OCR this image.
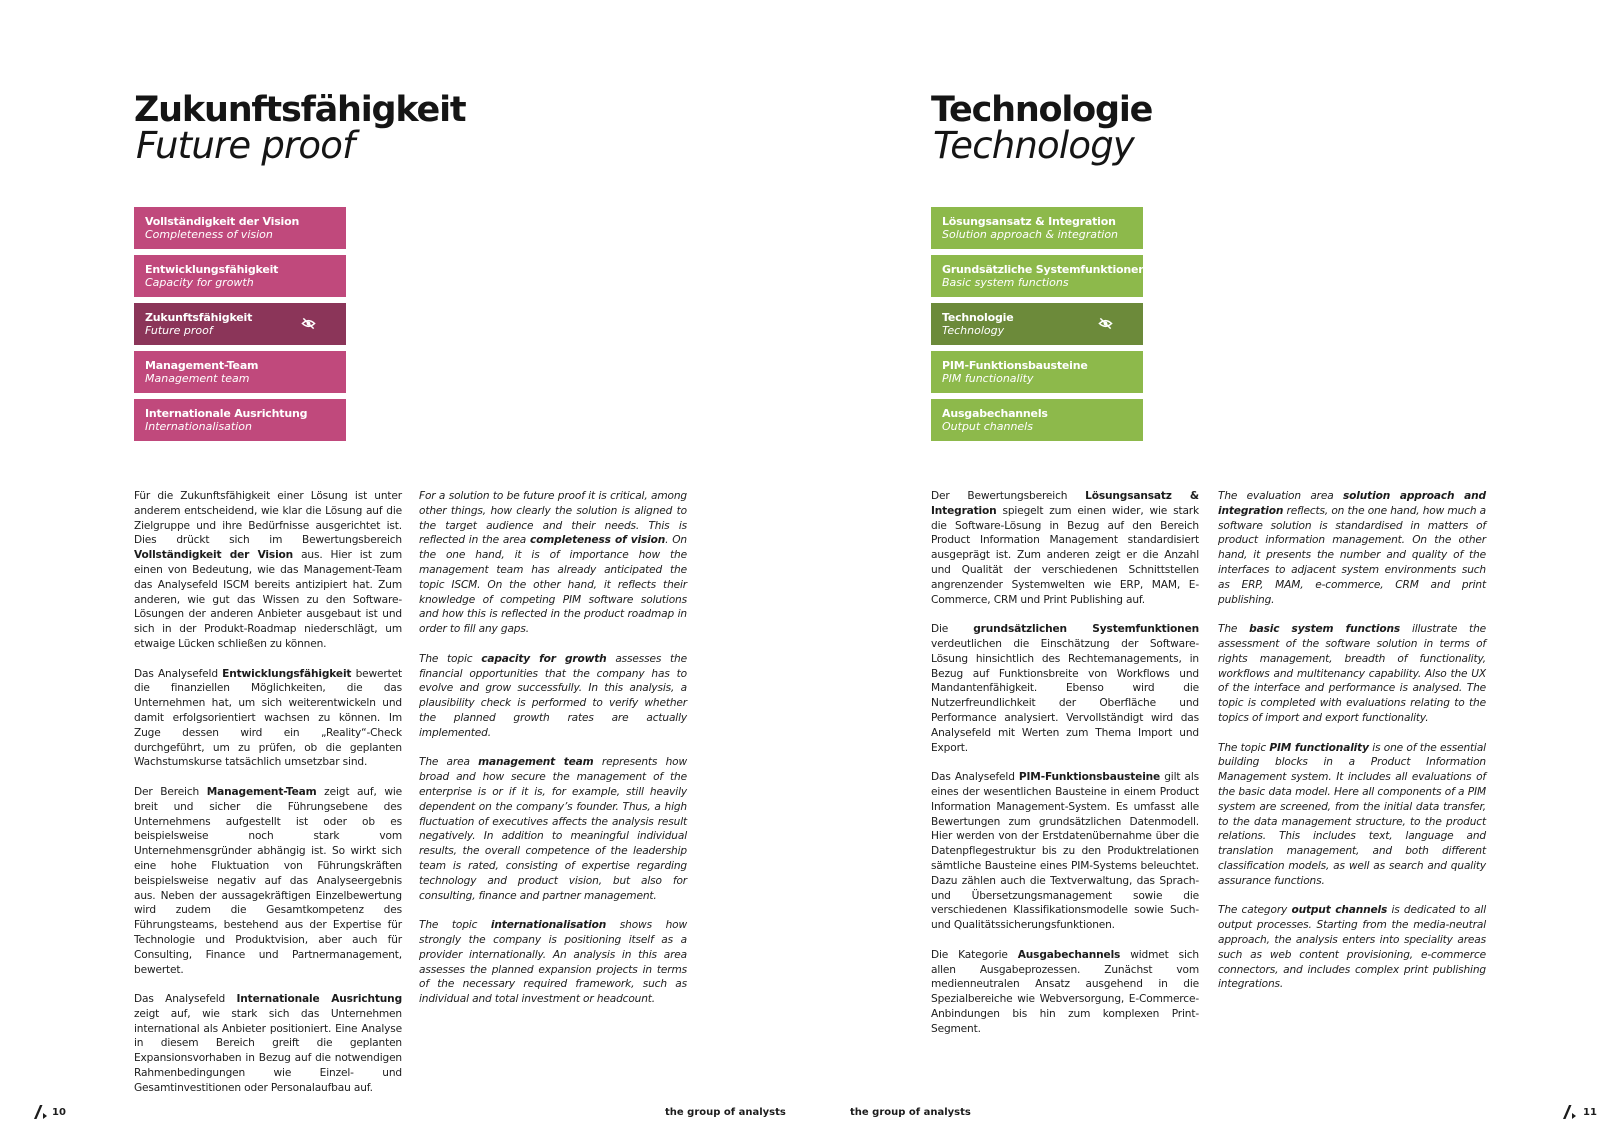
Zukunftsfähigkeit
Future proof
Vollständigkeit der Vision
Completeness of vision
Entwicklungsfähigkeit
Capacity for growth
Zukunftsfähigkeit
Future proof
Management-Team
Management team
Internationale Ausrichtung
Internationalisation

Für die Zukunftsfähigkeit einer Lösung ist unter anderem entscheidend, wie klar die Lösung auf die Zielgruppe und ihre Bedürfnisse ausgerichtet ist. Dies drückt sich im Bewertungsbereich Vollständigkeit der Vision aus. Hier ist zum einen von Bedeutung, wie das Management-Team das Analysefeld ISCM bereits antizipiert hat. Zum anderen, wie gut das Wissen zu den Software-Lösungen der anderen Anbieter ausgebaut ist und sich in der Produkt-Roadmap niederschlägt, um etwaige Lücken schließen zu können.

Das Analysefeld Entwicklungsfähigkeit bewertet die finanziellen Möglichkeiten, die das Unternehmen hat, um sich weiterentwickeln und damit erfolgsorientiert wachsen zu können. Im Zuge dessen wird ein „Reality“-Check durchgeführt, um zu prüfen, ob die geplanten Wachstumskurse tatsächlich umsetzbar sind.

Der Bereich Management-Team zeigt auf, wie breit und sicher die Führungsebene des Unternehmens aufgestellt ist oder ob es beispielsweise noch stark vom Unternehmensgründer abhängig ist. So wirkt sich eine hohe Fluktuation von Führungskräften beispielsweise negativ auf das Analyseergebnis aus. Neben der aussagekräftigen Einzelbewertung wird zudem die Gesamtkompetenz des Führungsteams, bestehend aus der Expertise für Technologie und Produktvision, aber auch für Consulting, Finance und Partnermanagement, bewertet.

Das Analysefeld Internationale Ausrichtung zeigt auf, wie stark sich das Unternehmen international als Anbieter positioniert. Eine Analyse in diesem Bereich greift die geplanten Expansionsvorhaben in Bezug auf die notwendigen Rahmenbedingungen wie Einzel- und Gesamtinvestitionen oder Personalaufbau auf.

For a solution to be future proof it is critical, among other things, how clearly the solution is aligned to the target audience and their needs. This is reflected in the area completeness of vision. On the one hand, it is of importance how the management team has already anticipated the topic ISCM. On the other hand, it reflects their knowledge of competing PIM software solutions and how this is reflected in the product roadmap in order to fill any gaps.

The topic capacity for growth assesses the financial opportunities that the company has to evolve and grow successfully. In this analysis, a plausibility check is performed to verify whether the planned growth rates are actually implemented.

The area management team represents how broad and how secure the management of the enterprise is or if it is, for example, still heavily dependent on the company’s founder. Thus, a high fluctuation of executives affects the analysis result negatively. In addition to meaningful individual results, the overall competence of the leadership team is rated, consisting of expertise regarding technology and product vision, but also for consulting, finance and partner management.

The topic internationalisation shows how strongly the company is positioning itself as a provider internationally. An analysis in this area assesses the planned expansion projects in terms of the necessary required framework, such as individual and total investment or headcount.

10	the group of analysts
Technologie
Technology
Lösungsansatz & Integration
Solution approach & integration
Grundsätzliche Systemfunktionen
Basic system functions
Technologie
Technology
PIM-Funktionsbausteine
PIM functionality
Ausgabechannels
Output channels

Der Bewertungsbereich Lösungsansatz & Integration spiegelt zum einen wider, wie stark die Software-Lösung in Bezug auf den Bereich Product Information Management standardisiert ausgeprägt ist. Zum anderen zeigt er die Anzahl und Qualität der verschiedenen Schnittstellen angrenzender Systemwelten wie ERP, MAM, E-Commerce, CRM und Print Publishing auf.

Die grundsätzlichen Systemfunktionen verdeutlichen die Einschätzung der Software-Lösung hinsichtlich des Rechtemanagements, in Bezug auf Funktionsbreite von Workflows und Mandantenfähigkeit. Ebenso wird die Nutzerfreundlichkeit der Oberfläche und Performance analysiert. Vervollständigt wird das Analysefeld mit Werten zum Thema Import und Export.

Das Analysefeld PIM-Funktionsbausteine gilt als eines der wesentlichen Bausteine in einem Product Information Management-System. Es umfasst alle Bewertungen zum grundsätzlichen Datenmodell. Hier werden von der Erstdatenübernahme über die Datenpflegestruktur bis zu den Produktrelationen sämtliche Bausteine eines PIM-Systems beleuchtet. Dazu zählen auch die Textverwaltung, das Sprach- und Übersetzungsmanagement sowie die verschiedenen Klassifikationsmodelle sowie Such- und Qualitätssicherungsfunktionen.

Die Kategorie Ausgabechannels widmet sich allen Ausgabeprozessen. Zunächst vom medienneutralen Ansatz ausgehend in die Spezialbereiche wie Webversorgung, E-Commerce-Anbindungen bis hin zum komplexen Print-Segment.

The evaluation area solution approach and integration reflects, on the one hand, how much a software solution is standardised in matters of product information management. On the other hand, it presents the number and quality of the interfaces to adjacent system environments such as ERP, MAM, e-commerce, CRM and print publishing.

The basic system functions illustrate the assessment of the software solution in terms of rights management, breadth of functionality, workflows and multitenancy capability. Also the UX of the interface and performance is analysed. The topic is completed with evaluations relating to the topics of import and export functionality.

The topic PIM functionality is one of the essential building blocks in a Product Information Management system. It includes all evaluations of the basic data model. Here all components of a PIM system are screened, from the initial data transfer, to the data management structure, to the product relations. This includes text, language and translation management, and both different classification models, as well as search and quality assurance functions.

The category output channels is dedicated to all output processes. Starting from the media-neutral approach, the analysis enters into speciality areas such as web content provisioning, e-commerce connectors, and includes complex print publishing integrations.

the group of analysts	11
